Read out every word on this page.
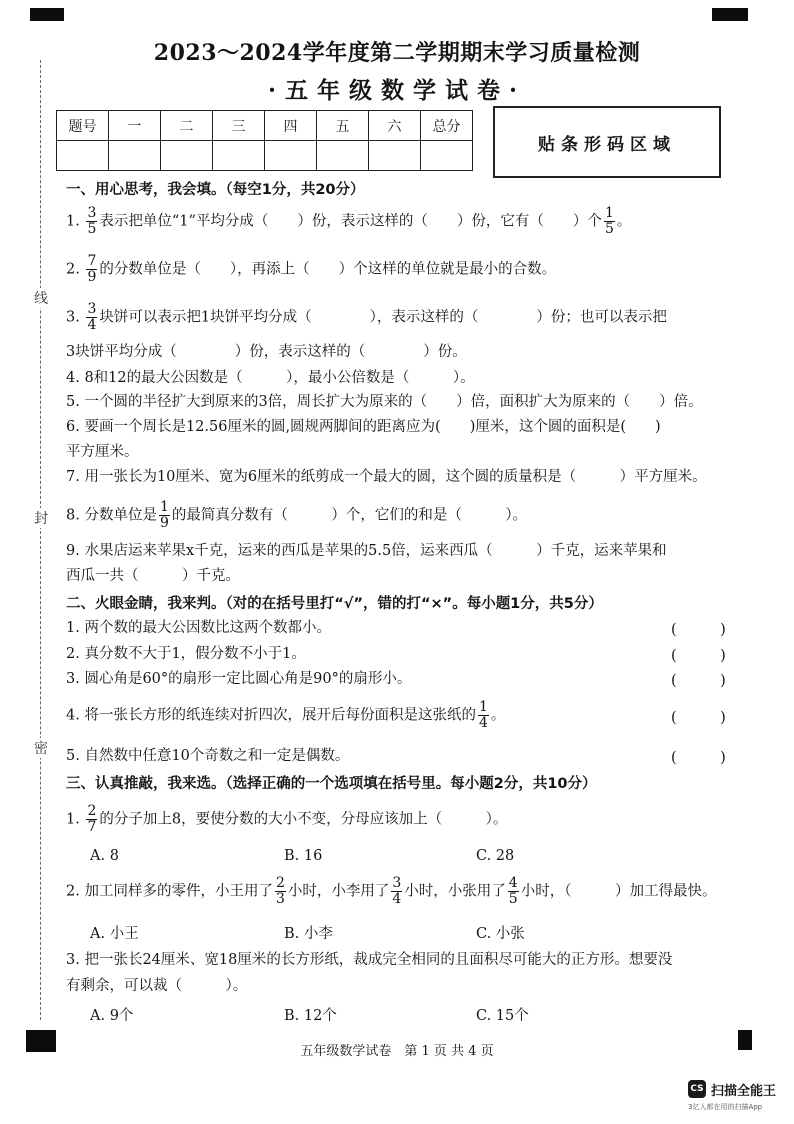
线
封
密
2023～2024学年度第二学期期末学习质量检测
·五年级数学试卷·
题号	一	二	三	四	五	六	总分

贴条形码区域
一、用心思考，我会填。（每空1分，共20分）
1. $\frac{3}{5}$ 表示把单位“1”平均分成（　　）份，表示这样的（　　）份，它有（　　）个 $\frac{1}{5}$ 。
2. $\frac{7}{9}$ 的分数单位是（　　），再添上（　　）个这样的单位就是最小的合数。
3. $\frac{3}{4}$ 块饼可以表示把1块饼平均分成（　　　　），表示这样的（　　　　）份；也可以表示把
3块饼平均分成（　　　　）份，表示这样的（　　　　）份。
4. 8和12的最大公因数是（　　　），最小公倍数是（　　　）。
5. 一个圆的半径扩大到原来的3倍，周长扩大为原来的（　　）倍，面积扩大为原来的（　　）倍。
6. 要画一个周长是12.56厘米的圆,圆规两脚间的距离应为(　　)厘米，这个圆的面积是(　　)
平方厘米。
7. 用一张长为10厘米、宽为6厘米的纸剪成一个最大的圆，这个圆的质量积是（　　　）平方厘米。
8. 分数单位是 $\frac{1}{9}$ 的最简真分数有（　　　）个，它们的和是（　　　）。
9. 水果店运来苹果x千克，运来的西瓜是苹果的5.5倍，运来西瓜（　　　）千克，运来苹果和
西瓜一共（　　　）千克。
二、火眼金睛，我来判。（对的在括号里打“√”，错的打“×”。每小题1分，共5分）
1. 两个数的最大公因数比这两个数都小。	(　　　)
2. 真分数不大于1，假分数不小于1。	(　　　)
3. 圆心角是60°的扇形一定比圆心角是90°的扇形小。	(　　　)
4. 将一张长方形的纸连续对折四次，展开后每份面积是这张纸的 $\frac{1}{4}$ 。	(　　　)
5. 自然数中任意10个奇数之和一定是偶数。	(　　　)
三、认真推敲，我来选。（选择正确的一个选项填在括号里。每小题2分，共10分）
1. $\frac{2}{7}$ 的分子加上8，要使分数的大小不变，分母应该加上（　　　）。
A. 8	B. 16	C. 28
2. 加工同样多的零件，小王用了 $\frac{2}{3}$ 小时，小李用了 $\frac{3}{4}$ 小时，小张用了 $\frac{4}{5}$ 小时，（　　　）加工得最快。
A. 小王	B. 小李	C. 小张
3. 把一张长24厘米、宽18厘米的长方形纸，裁成完全相同的且面积尽可能大的正方形。想要没
有剩余，可以裁（　　　）。
A. 9个	B. 12个	C. 15个
五年级数学试卷　第 1 页 共 4 页
CS 扫描全能王
3亿人都在用的扫描App
